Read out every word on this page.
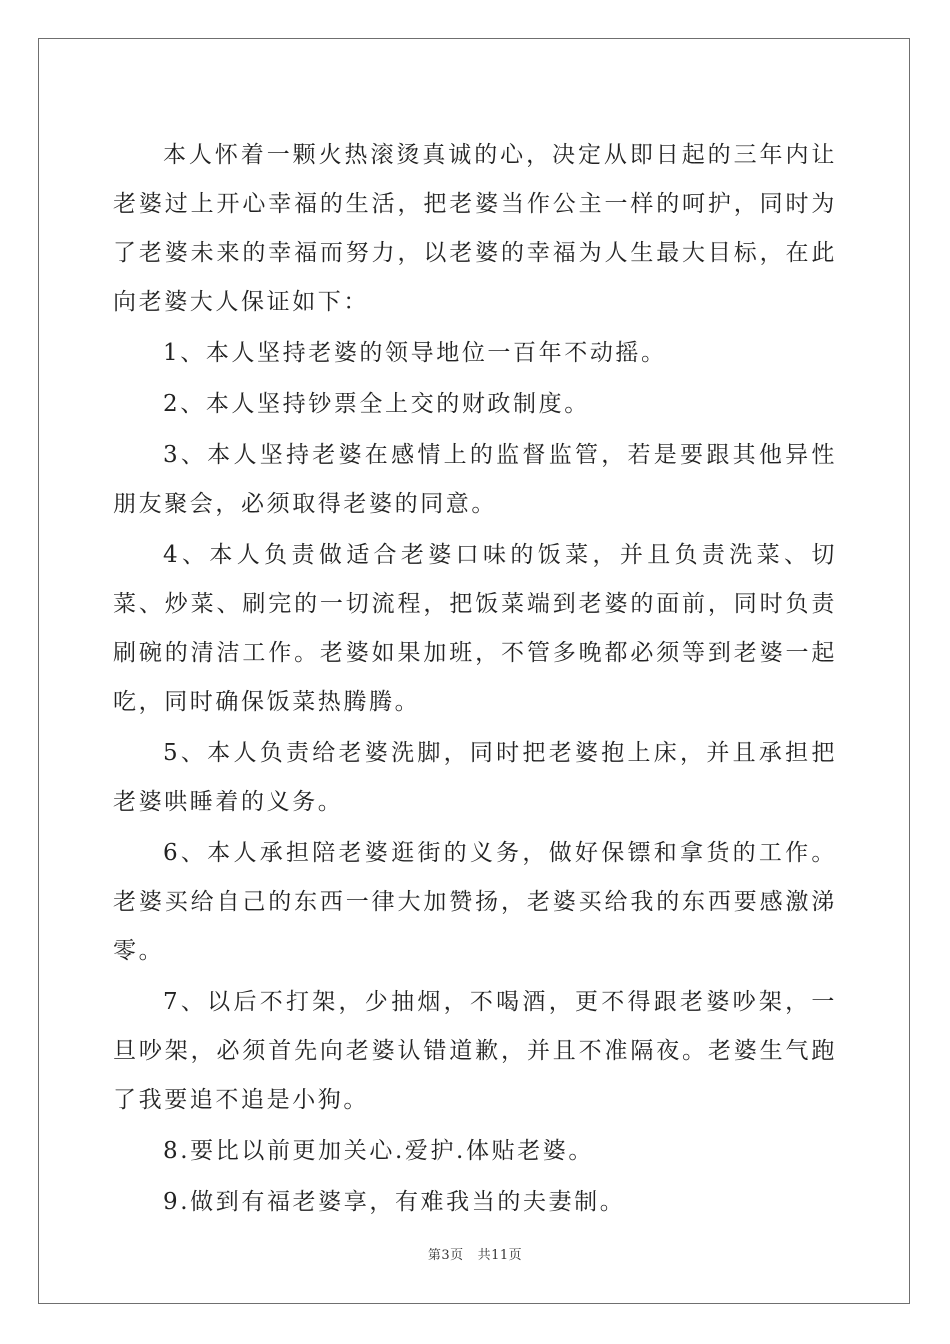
本人怀着一颗火热滚烫真诚的心，决定从即日起的三年内让老婆过上开心幸福的生活，把老婆当作公主一样的呵护，同时为了老婆未来的幸福而努力，以老婆的幸福为人生最大目标，在此向老婆大人保证如下：

1、本人坚持老婆的领导地位一百年不动摇。

2、本人坚持钞票全上交的财政制度。

3、本人坚持老婆在感情上的监督监管，若是要跟其他异性朋友聚会，必须取得老婆的同意。

4、本人负责做适合老婆口味的饭菜，并且负责洗菜、切菜、炒菜、刷完的一切流程，把饭菜端到老婆的面前，同时负责刷碗的清洁工作。老婆如果加班，不管多晚都必须等到老婆一起吃，同时确保饭菜热腾腾。

5、本人负责给老婆洗脚，同时把老婆抱上床，并且承担把老婆哄睡着的义务。

6、本人承担陪老婆逛街的义务，做好保镖和拿货的工作。老婆买给自己的东西一律大加赞扬，老婆买给我的东西要感激涕零。

7、以后不打架，少抽烟，不喝酒，更不得跟老婆吵架，一旦吵架，必须首先向老婆认错道歉，并且不准隔夜。老婆生气跑了我要追不追是小狗。

8.要比以前更加关心.爱护.体贴老婆。

9.做到有福老婆享，有难我当的夫妻制。

第3页 共11页
